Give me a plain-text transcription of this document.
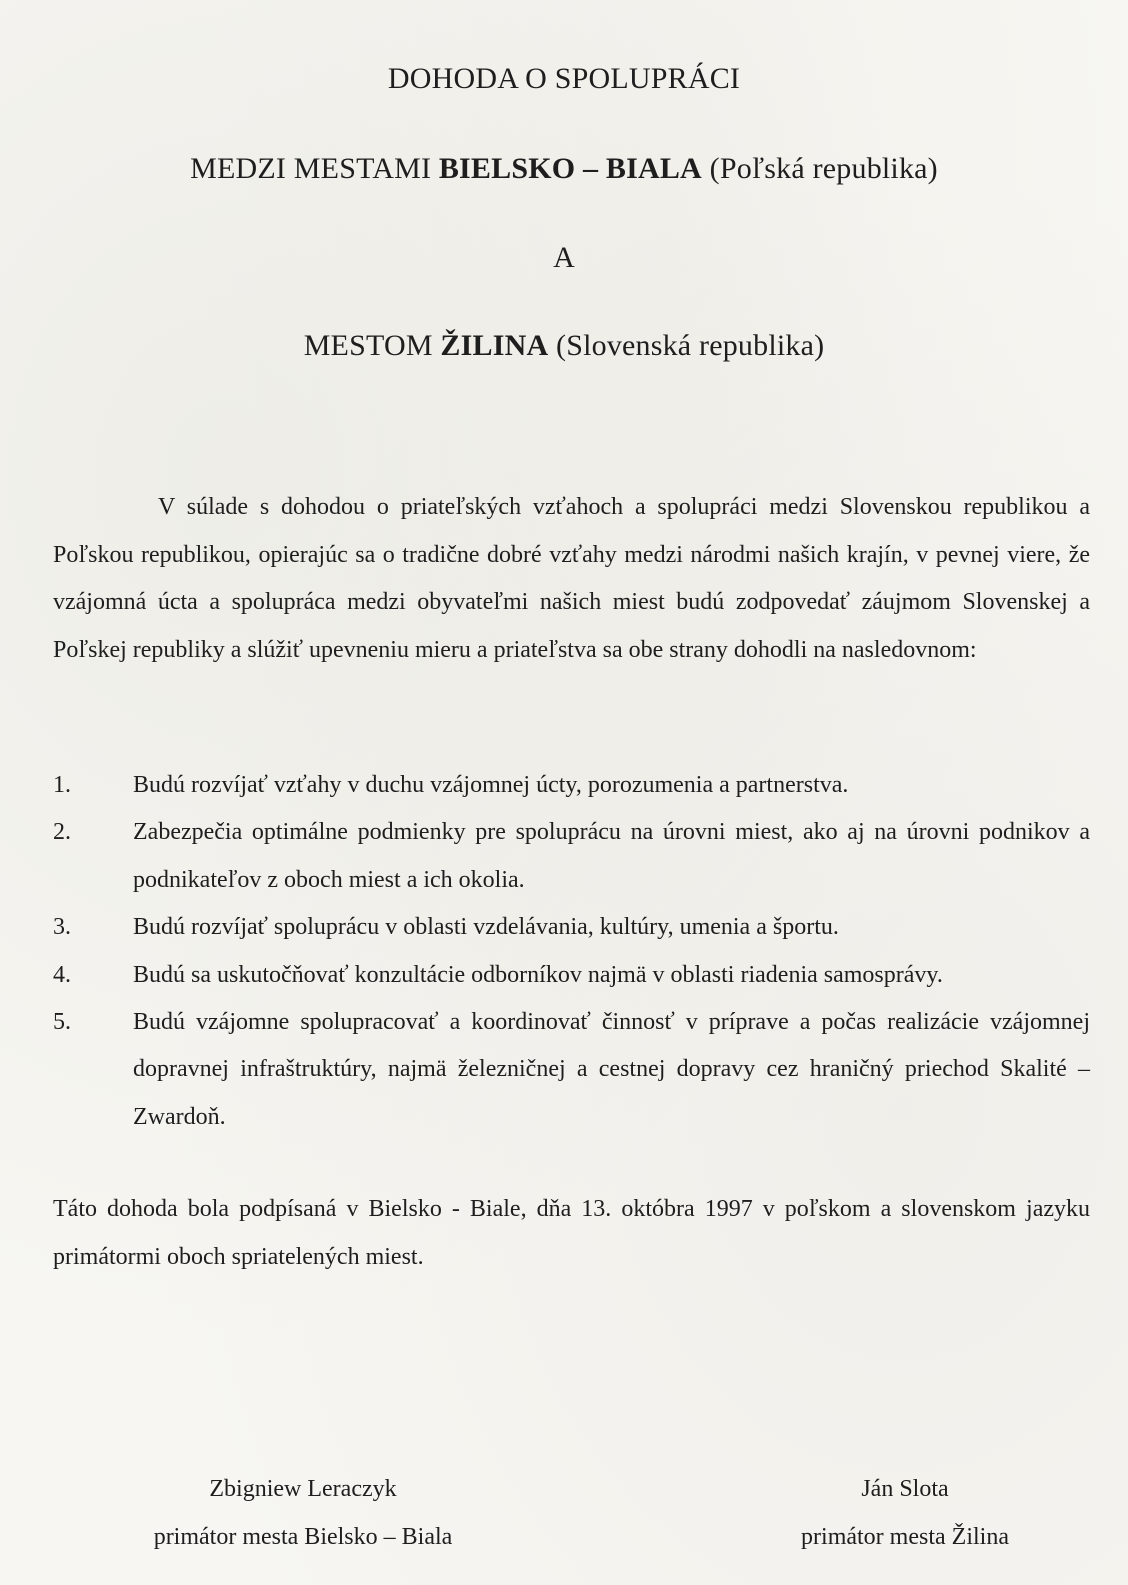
DOHODA O SPOLUPRÁCI
MEDZI MESTAMI BIELSKO – BIALA (Poľská republika)
A
MESTOM ŽILINA (Slovenská republika)

V súlade s dohodou o priateľských vzťahoch a spolupráci medzi Slovenskou republikou a Poľskou republikou, opierajúc sa o tradične dobré vzťahy medzi národmi našich krajín, v pevnej viere, že vzájomná úcta a spolupráca medzi obyvateľmi našich miest budú zodpovedať záujmom Slovenskej a Poľskej republiky a slúžiť upevneniu mieru a priateľstva sa obe strany dohodli na nasledovnom:

1.	Budú rozvíjať vzťahy v duchu vzájomnej úcty, porozumenia a partnerstva.
2.	Zabezpečia optimálne podmienky pre spoluprácu na úrovni miest, ako aj na úrovni podnikov a podnikateľov z oboch miest a ich okolia.
3.	Budú rozvíjať spoluprácu v oblasti vzdelávania, kultúry, umenia a športu.
4.	Budú sa uskutočňovať konzultácie odborníkov najmä v oblasti riadenia samosprávy.
5.	Budú vzájomne spolupracovať a koordinovať činnosť v príprave a počas realizácie vzájomnej dopravnej infraštruktúry, najmä železničnej a cestnej dopravy cez hraničný priechod Skalité – Zwardoň.

Táto dohoda bola podpísaná v Bielsko - Biale, dňa 13. októbra 1997 v poľskom a slovenskom jazyku primátormi oboch spriatelených miest.

Zbigniew Leraczyk
primátor mesta Bielsko – Biala
Ján Slota
primátor mesta Žilina
